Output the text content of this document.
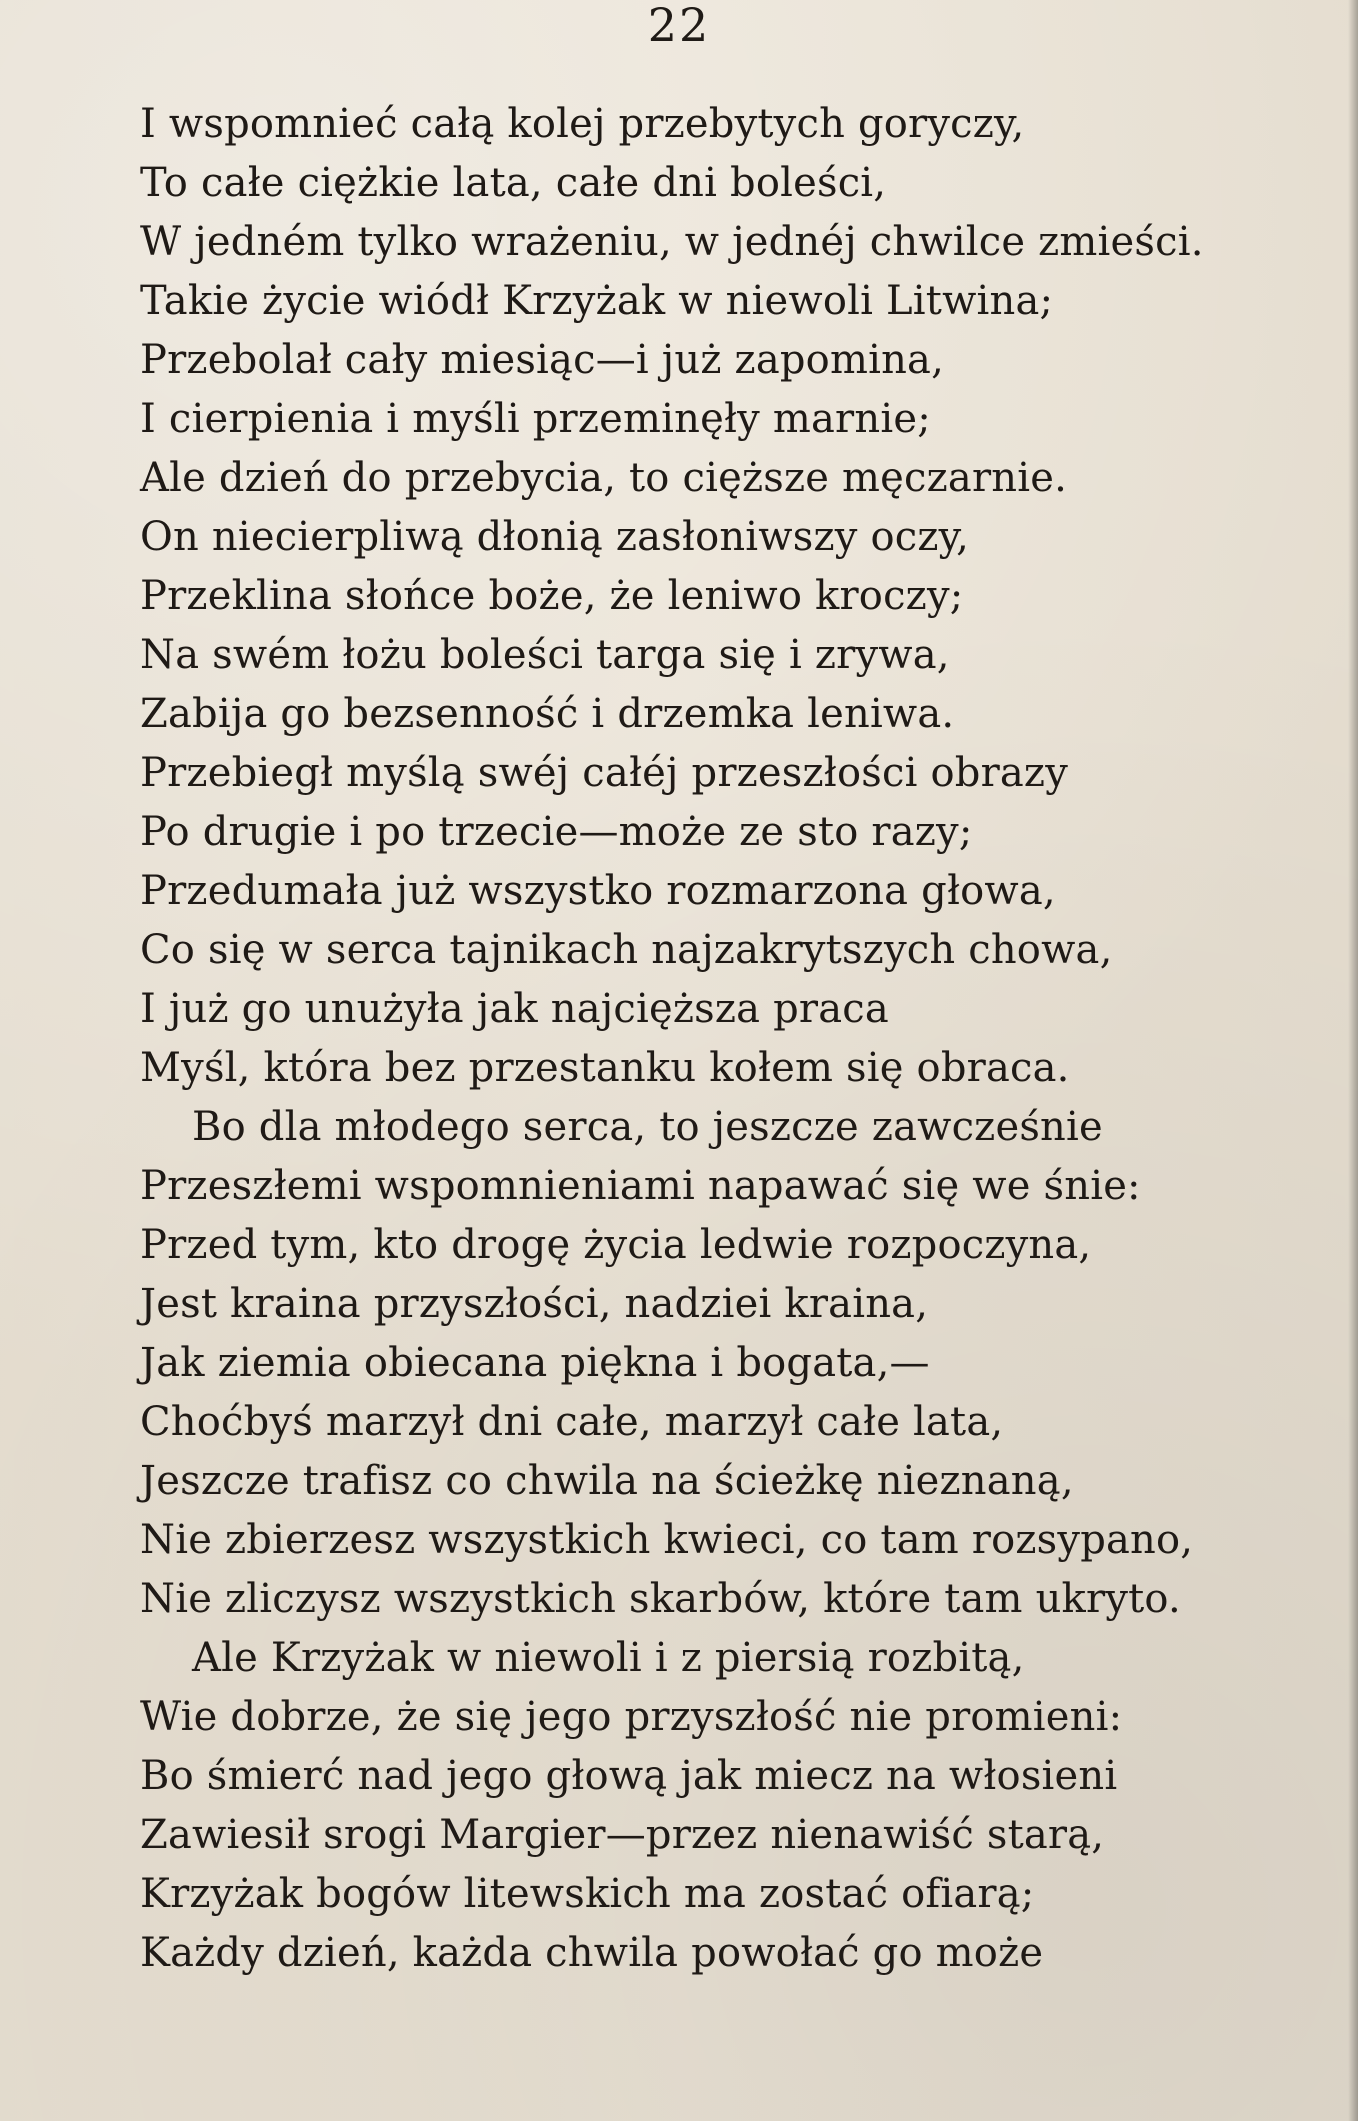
22
I wspomnieć całą kolej przebytych goryczy,
To całe ciężkie lata, całe dni boleści,
W jedném tylko wrażeniu, w jednéj chwilce zmieści.
Takie życie wiódł Krzyżak w niewoli Litwina;
Przebolał cały miesiąc—i już zapomina,
I cierpienia i myśli przeminęły marnie;
Ale dzień do przebycia, to cięższe męczarnie.
On niecierpliwą dłonią zasłoniwszy oczy,
Przeklina słońce boże, że leniwo kroczy;
Na swém łożu boleści targa się i zrywa,
Zabija go bezsenność i drzemka leniwa.
Przebiegł myślą swéj całéj przeszłości obrazy
Po drugie i po trzecie—może ze sto razy;
Przedumała już wszystko rozmarzona głowa,
Co się w serca tajnikach najzakrytszych chowa,
I już go unużyła jak najcięższa praca
Myśl, która bez przestanku kołem się obraca.
Bo dla młodego serca, to jeszcze zawcześnie
Przeszłemi wspomnieniami napawać się we śnie:
Przed tym, kto drogę życia ledwie rozpoczyna,
Jest kraina przyszłości, nadziei kraina,
Jak ziemia obiecana piękna i bogata,—
Choćbyś marzył dni całe, marzył całe lata,
Jeszcze trafisz co chwila na ścieżkę nieznaną,
Nie zbierzesz wszystkich kwieci, co tam rozsypano,
Nie zliczysz wszystkich skarbów, które tam ukryto.
Ale Krzyżak w niewoli i z piersią rozbitą,
Wie dobrze, że się jego przyszłość nie promieni:
Bo śmierć nad jego głową jak miecz na włosieni
Zawiesił srogi Margier—przez nienawiść starą,
Krzyżak bogów litewskich ma zostać ofiarą;
Każdy dzień, każda chwila powołać go może
